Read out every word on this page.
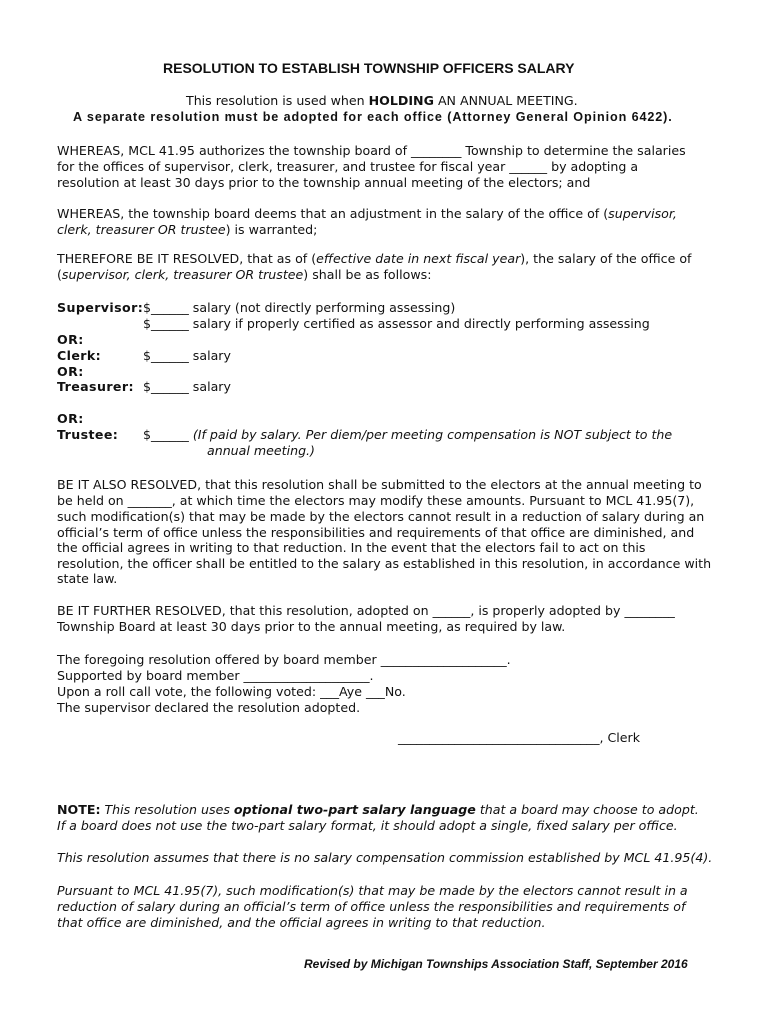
RESOLUTION TO ESTABLISH TOWNSHIP OFFICERS SALARY
This resolution is used when HOLDING AN ANNUAL MEETING.
A separate resolution must be adopted for each office (Attorney General Opinion 6422).
WHEREAS, MCL 41.95 authorizes the township board of ________ Township to determine the salaries
for the offices of supervisor, clerk, treasurer, and trustee for fiscal year ______ by adopting a
resolution at least 30 days prior to the township annual meeting of the electors; and
WHEREAS, the township board deems that an adjustment in the salary of the office of (supervisor,
clerk, treasurer OR trustee) is warranted;
THEREFORE BE IT RESOLVED, that as of (effective date in next fiscal year), the salary of the office of
(supervisor, clerk, treasurer OR trustee) shall be as follows:
Supervisor: $______ salary (not directly performing assessing)
$______ salary if properly certified as assessor and directly performing assessing
OR:
Clerk:	$______ salary
OR:
Treasurer: $______ salary
OR:
Trustee: $______ (If paid by salary. Per diem/per meeting compensation is NOT subject to the
annual meeting.)
BE IT ALSO RESOLVED, that this resolution shall be submitted to the electors at the annual meeting to
be held on _______, at which time the electors may modify these amounts. Pursuant to MCL 41.95(7),
such modification(s) that may be made by the electors cannot result in a reduction of salary during an
official’s term of office unless the responsibilities and requirements of that office are diminished, and
the official agrees in writing to that reduction. In the event that the electors fail to act on this
resolution, the officer shall be entitled to the salary as established in this resolution, in accordance with
state law.
BE IT FURTHER RESOLVED, that this resolution, adopted on ______, is properly adopted by ________
Township Board at least 30 days prior to the annual meeting, as required by law.
The foregoing resolution offered by board member ____________________.
Supported by board member ____________________.
Upon a roll call vote, the following voted: ___Aye ___No.
The supervisor declared the resolution adopted.
________________________________, Clerk
NOTE: This resolution uses optional two-part salary language that a board may choose to adopt.
If a board does not use the two-part salary format, it should adopt a single, fixed salary per office.
This resolution assumes that there is no salary compensation commission established by MCL 41.95(4).
Pursuant to MCL 41.95(7), such modification(s) that may be made by the electors cannot result in a
reduction of salary during an official’s term of office unless the responsibilities and requirements of
that office are diminished, and the official agrees in writing to that reduction.
Revised by Michigan Townships Association Staff, September 2016
